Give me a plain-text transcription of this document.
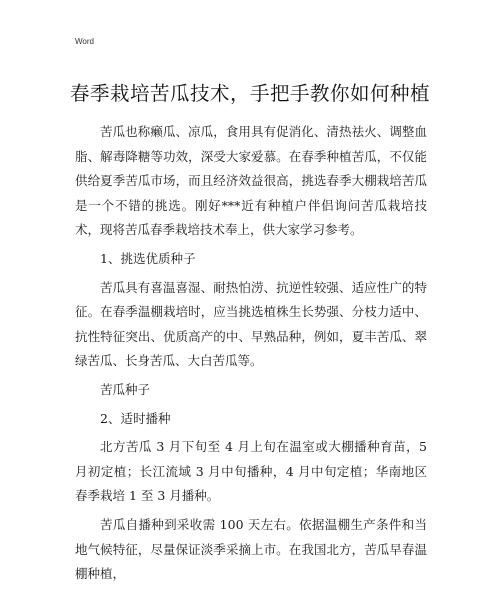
Word
春季栽培苦瓜技术，手把手教你如何种植

苦瓜也称癞瓜、凉瓜，食用具有促消化、清热祛火、调整血脂、解毒降糖等功效，深受大家爱慕。在春季种植苦瓜，不仅能供给夏季苦瓜市场，而且经济效益很高，挑选春季大棚栽培苦瓜是一个不错的挑选。刚好***近有种植户伴侣询问苦瓜栽培技术，现将苦瓜春季栽培技术奉上，供大家学习参考。

1、挑选优质种子

苦瓜具有喜温喜湿、耐热怕涝、抗逆性较强、适应性广的特征。在春季温棚栽培时，应当挑选植株生长势强、分枝力适中、抗性特征突出、优质高产的中、早熟品种，例如，夏丰苦瓜、翠绿苦瓜、长身苦瓜、大白苦瓜等。

苦瓜种子

2、适时播种

北方苦瓜 3 月下旬至 4 月上旬在温室或大棚播种育苗，5 月初定植；长江流域 3 月中旬播种，4 月中旬定植；华南地区春季栽培 1 至 3 月播种。

苦瓜自播种到采收需 100 天左右。依据温棚生产条件和当地气候特征，尽量保证淡季采摘上市。在我国北方，苦瓜早春温棚种植，
